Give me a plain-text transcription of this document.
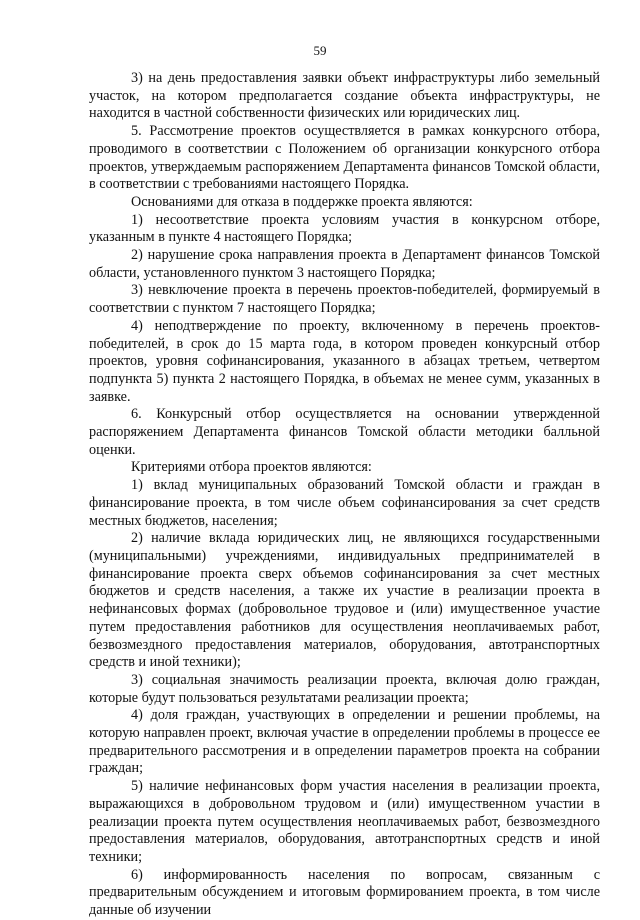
59

3) на день предоставления заявки объект инфраструктуры либо земельный участок, на котором предполагается создание объекта инфраструктуры, не находится в частной собственности физических или юридических лиц.

5. Рассмотрение проектов осуществляется в рамках конкурсного отбора, проводимого в соответствии с Положением об организации конкурсного отбора проектов, утверждаемым распоряжением Департамента финансов Томской области, в соответствии с требованиями настоящего Порядка.

Основаниями для отказа в поддержке проекта являются:

1) несоответствие проекта условиям участия в конкурсном отборе, указанным в пункте 4 настоящего Порядка;

2) нарушение срока направления проекта в Департамент финансов Томской области, установленного пунктом 3 настоящего Порядка;

3) невключение проекта в перечень проектов-победителей, формируемый в соответствии с пунктом 7 настоящего Порядка;

4) неподтверждение по проекту, включенному в перечень проектов-победителей, в срок до 15 марта года, в котором проведен конкурсный отбор проектов, уровня софинансирования, указанного в абзацах третьем, четвертом подпункта 5) пункта 2 настоящего Порядка, в объемах не менее сумм, указанных в заявке.

6. Конкурсный отбор осуществляется на основании утвержденной распоряжением Департамента финансов Томской области методики балльной оценки.

Критериями отбора проектов являются:

1) вклад муниципальных образований Томской области и граждан в финансирование проекта, в том числе объем софинансирования за счет средств местных бюджетов, населения;

2) наличие вклада юридических лиц, не являющихся государственными (муниципальными) учреждениями, индивидуальных предпринимателей в финансирование проекта сверх объемов софинансирования за счет местных бюджетов и средств населения, а также их участие в реализации проекта в нефинансовых формах (добровольное трудовое и (или) имущественное участие путем предоставления работников для осуществления неоплачиваемых работ, безвозмездного предоставления материалов, оборудования, автотранспортных средств и иной техники);

3) социальная значимость реализации проекта, включая долю граждан, которые будут пользоваться результатами реализации проекта;

4) доля граждан, участвующих в определении и решении проблемы, на которую направлен проект, включая участие в определении проблемы в процессе ее предварительного рассмотрения и в определении параметров проекта на собрании граждан;

5) наличие нефинансовых форм участия населения в реализации проекта, выражающихся в добровольном трудовом и (или) имущественном участии в реализации проекта путем осуществления неоплачиваемых работ, безвозмездного предоставления материалов, оборудования, автотранспортных средств и иной техники;

6) информированность населения по вопросам, связанным с предварительным обсуждением и итоговым формированием проекта, в том числе данные об изучении
